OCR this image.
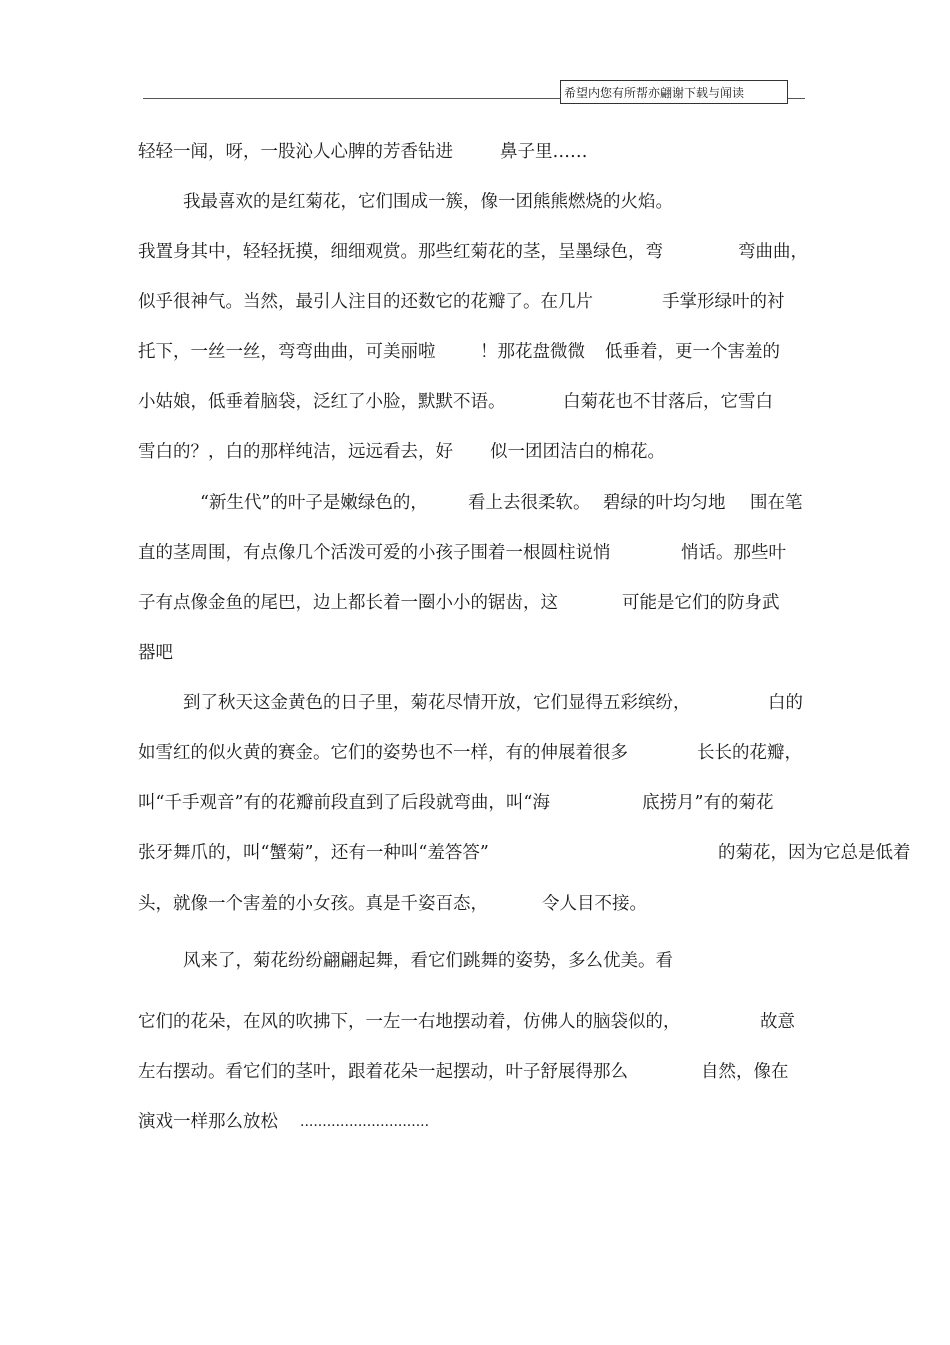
希望内您有所帮亦翩谢下载与闻读

轻轻一闻，呀，一股沁人心脾的芳香钻进

	鼻子里……

我最喜欢的是红菊花，它们围成一簇，像一团熊熊燃烧的火焰。

我置身其中，轻轻抚摸，细细观赏。那些红菊花的茎，呈墨绿色，弯

	弯曲曲，

似乎很神气。当然，最引人注目的还数它的花瓣了。在几片

	手掌形绿叶的衬

托下，一丝一丝，弯弯曲曲，可美丽啦

	！那花盘微微

低垂着，更一个害羞的

小姑娘，低垂着脑袋，泛红了小脸，默默不语。

	白菊花也不甘落后，它雪白

雪白的？，白的那样纯洁，远远看去，好

似一团团洁白的棉花。

“新生代”的叶子是嫩绿色的，

看上去很柔软。

碧绿的叶均匀地

围在笔

直的茎周围，有点像几个活泼可爱的小孩子围着一根圆柱说悄

	悄话。那些叶

子有点像金鱼的尾巴，边上都长着一圈小小的锯齿，这

	可能是它们的防身武

器吧

到了秋天这金黄色的日子里，菊花尽情开放，它们显得五彩缤纷，

	白的

如雪红的似火黄的赛金。它们的姿势也不一样，有的伸展着很多

	长长的花瓣，

叫“千手观音”有的花瓣前段直到了后段就弯曲，叫“海

	底捞月”有的菊花

张牙舞爪的，叫“蟹菊”，还有一种叫“羞答答”

	的菊花，因为它总是低着

头，就像一个害羞的小女孩。真是千姿百态，

	令人目不接。

风来了，菊花纷纷翩翩起舞，看它们跳舞的姿势，多么优美。看

它们的花朵，在风的吹拂下，一左一右地摆动着，仿佛人的脑袋似的，

	故意

左右摆动。看它们的茎叶，跟着花朵一起摆动，叶子舒展得那么

	自然，像在

演戏一样那么放松

.............................
